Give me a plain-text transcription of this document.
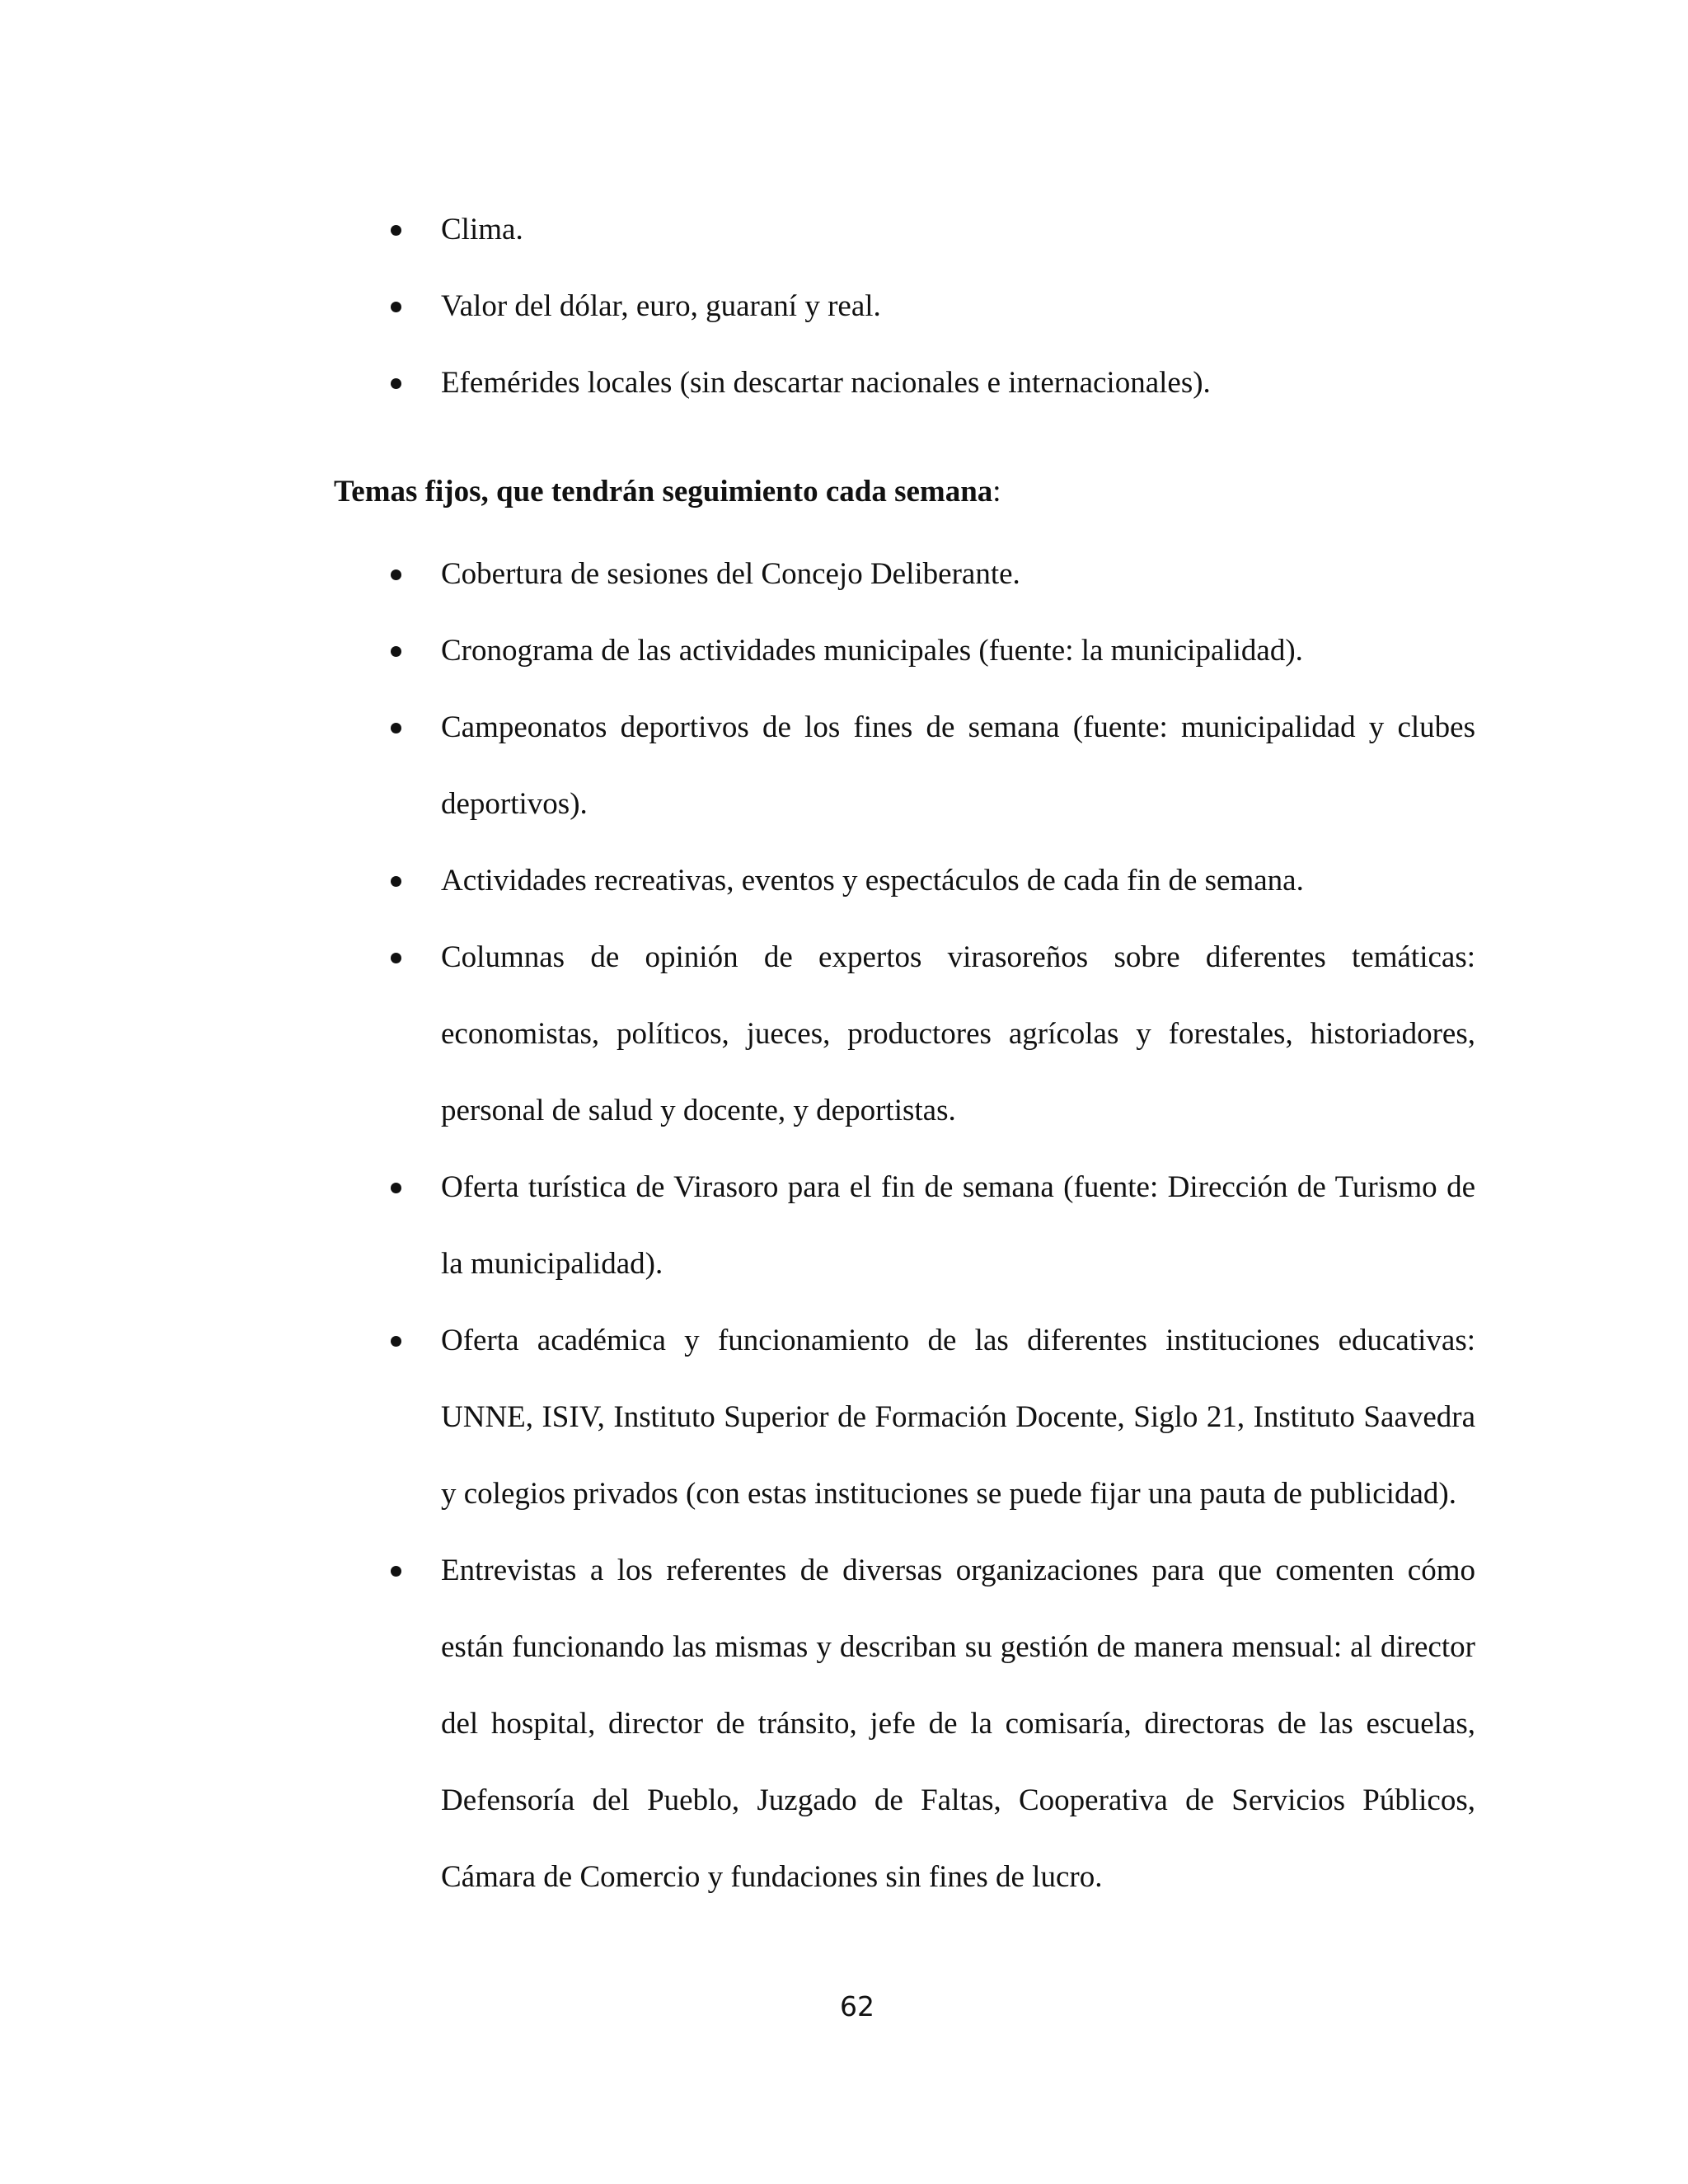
Clima.
Valor del dólar, euro, guaraní y real.
Efemérides locales (sin descartar nacionales e internacionales).

Temas fijos, que tendrán seguimiento cada semana:

Cobertura de sesiones del Concejo Deliberante.
Cronograma de las actividades municipales (fuente: la municipalidad).
Campeonatos deportivos de los fines de semana (fuente: municipalidad y clubes deportivos).
Actividades recreativas, eventos y espectáculos de cada fin de semana.
Columnas de opinión de expertos virasoreños sobre diferentes temáticas: economistas, políticos, jueces, productores agrícolas y forestales, historiadores, personal de salud y docente, y deportistas.
Oferta turística de Virasoro para el fin de semana (fuente: Dirección de Turismo de la municipalidad).
Oferta académica y funcionamiento de las diferentes instituciones educativas: UNNE, ISIV, Instituto Superior de Formación Docente, Siglo 21, Instituto Saavedra y colegios privados (con estas instituciones se puede fijar una pauta de publicidad).
Entrevistas a los referentes de diversas organizaciones para que comenten cómo están funcionando las mismas y describan su gestión de manera mensual: al director del hospital, director de tránsito, jefe de la comisaría, directoras de las escuelas, Defensoría del Pueblo, Juzgado de Faltas, Cooperativa de Servicios Públicos, Cámara de Comercio y fundaciones sin fines de lucro.
62
